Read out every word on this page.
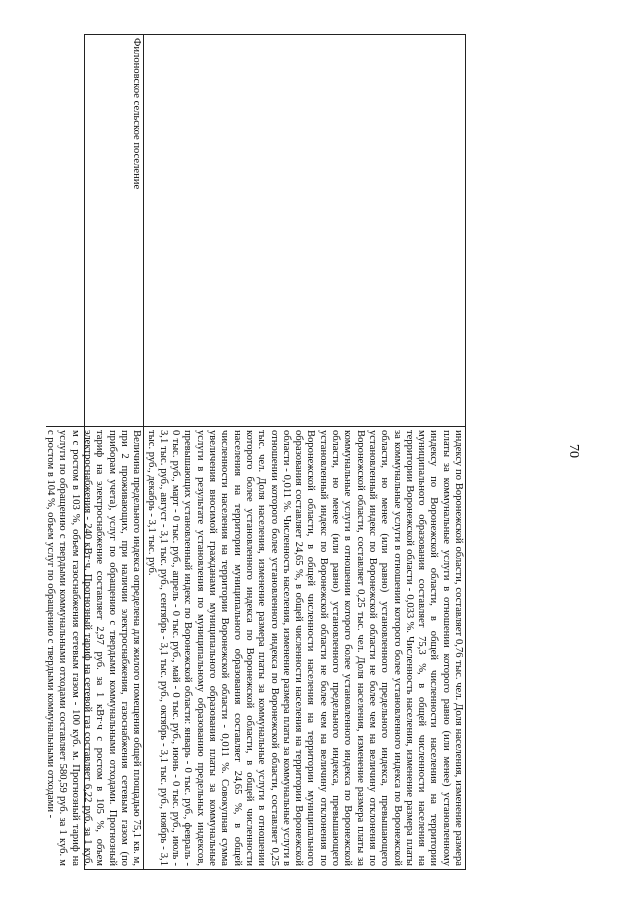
70

индексу по Воронежской области, составляет 0,76 тыс. чел. Доля населения, изменение размера платы за коммунальные услуги в отношении которого равно (или менее) установленному индексу по Воронежской области, в общей численности населения на территории муниципального образования составляет 75,3 %, в общей численности населения на территории Воронежской области - 0,033 %. Численность населения, изменение размера платы за коммунальные услуги в отношении которого более установленного индекса по Воронежской области, но менее (или равно) установленного предельного индекса, превышающего установленный индекс по Воронежской области не более чем на величину отклонения по Воронежской области, составляет 0,25 тыс. чел. Доля населения, изменение размера платы за коммунальные услуги в отношении которого более установленного индекса по Воронежской области, но менее (или равно) установленного предельного индекса, превышающего установленный индекс по Воронежской области не более чем на величину отклонения по Воронежской области, в общей численности населения на территории муниципального образования составляет 24,65 %, в общей численности населения на территории Воронежской области - 0,011 %. Численность населения, изменение размера платы за коммунальные услуги в отношении которого более установленного индекса по Воронежской области, составляет 0,25 тыс. чел. Доля населения, изменение размера платы за коммунальные услуги в отношении которого более установленного индекса по Воронежской области, в общей численности населения на территории муниципального образования составляет 24,65 %, в общей численности населения на территории Воронежской области - 0,011 %. Совокупная сумма увеличения вносимой гражданами муниципального образования платы за коммунальные услуги в результате установления по муниципальному образованию предельных индексов, превышающих установленный индекс по Воронежской области: январь - 0 тыс. руб., февраль - 0 тыс. руб., март - 0 тыс. руб., апрель - 0 тыс. руб., май - 0 тыс. руб., июнь - 0 тыс. руб., июль - 3,1 тыс. руб., август - 3,1 тыс. руб., сентябрь - 3,1 тыс. руб., октябрь - 3,1 тыс. руб., ноябрь - 3,1 тыс. руб., декабрь - 3,1 тыс. руб.

Филоновское сельское поселение

Величина предельного индекса определена для жилого помещения общей площадью 75,1 кв. м, при 2 проживающих, при наличии электроснабжения, газоснабжения сетевым газом (по приборам учета), услуг по обращению с твердыми коммунальными отходами. Прогнозный тариф на электроснабжение составляет 2,97 руб. за 1 кВт·ч с ростом в 105 %, объем электроснабжения - 240 кВт·ч. Прогнозный тариф на сетевой газ составляет 6,22 руб. за 1 куб. м с ростом в 103 %, объем газоснабжения сетевым газом - 100 куб. м. Прогнозный тариф на услуги по обращению с твердыми коммунальными отходами составляет 580,59 руб. за 1 куб. м с ростом в 104 %, объем услуг по обращению с твердыми коммунальными отходами -
